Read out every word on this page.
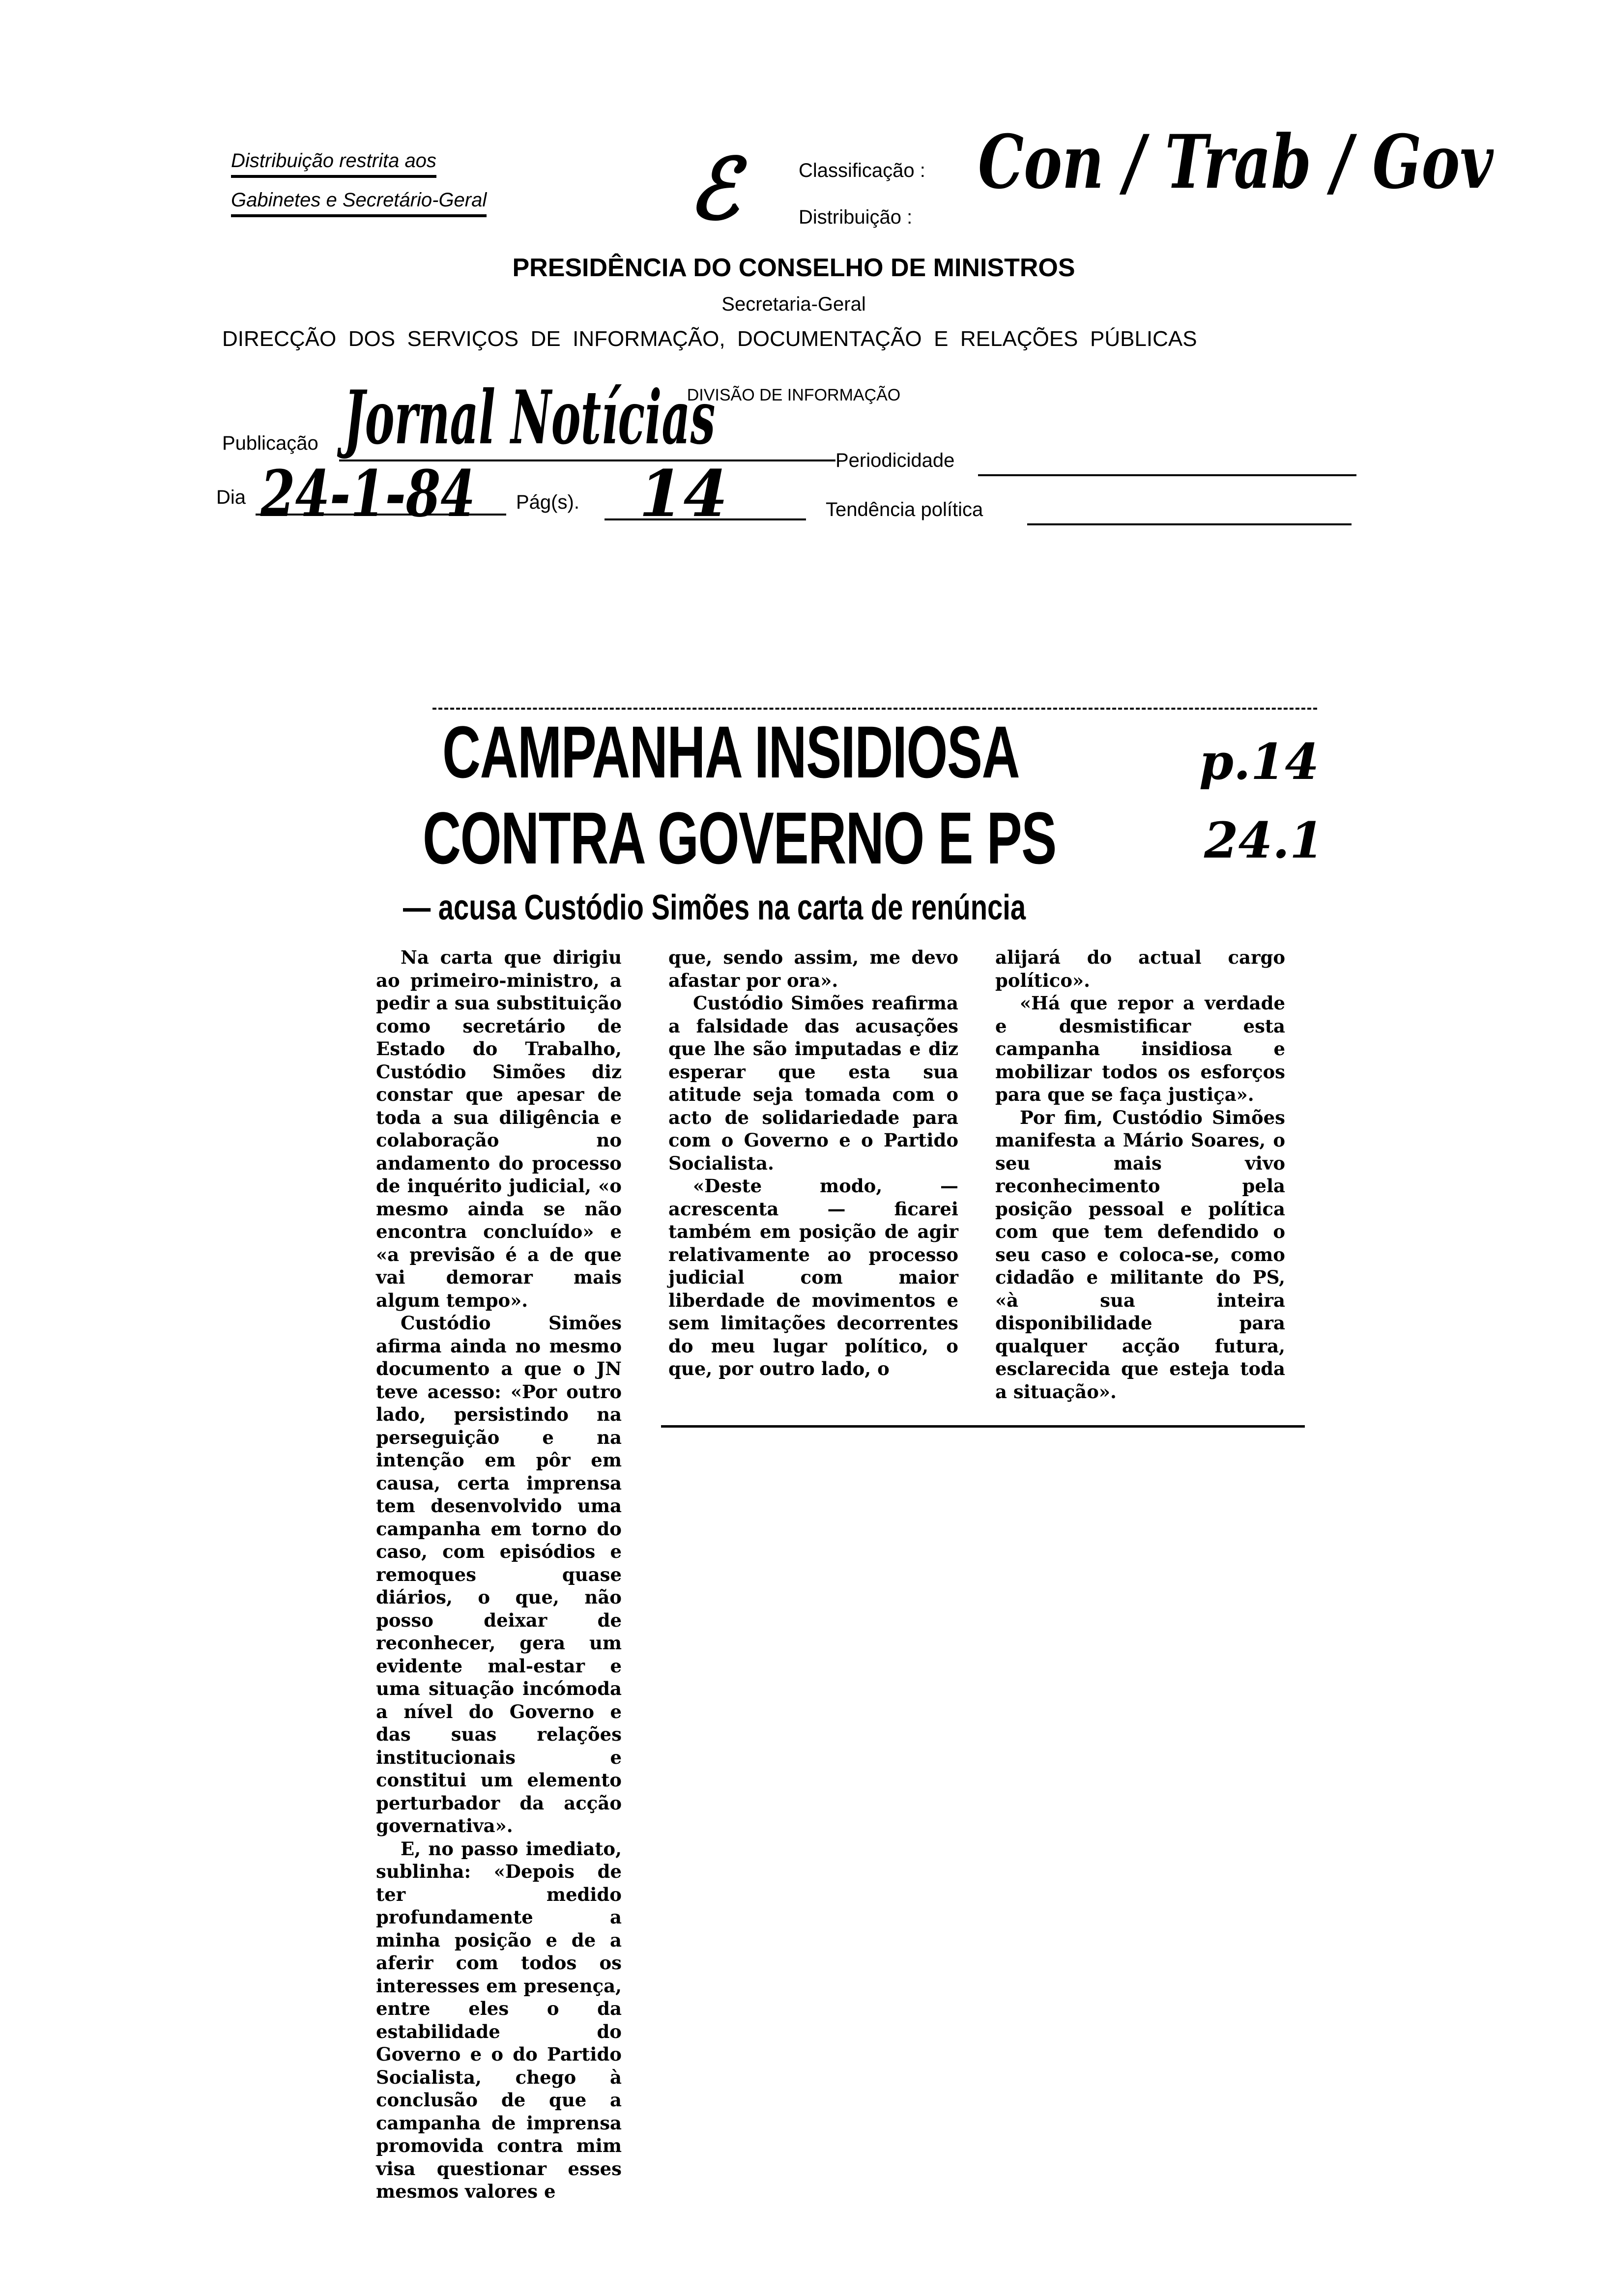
Distribuição restrita aos
Gabinetes e Secretário-Geral ℰ	Classificação : Con / Trab / Gov
Distribuição :
PRESIDÊNCIA DO CONSELHO DE MINISTROS
Secretaria-Geral
DIRECÇÃO  DOS  SERVIÇOS  DE  INFORMAÇÃO,  DOCUMENTAÇÃO  E  RELAÇÕES  PÚBLICAS
DIVISÃO DE INFORMAÇÃO
Publicação Jornal Notícias	Periodicidade
Dia 24-1-84 Pág(s). 14	Tendência política
CAMPANHA INSIDIOSA
CONTRA GOVERNO E PS
p.14
24.1
— acusa Custódio Simões na carta de renúncia

Na carta que dirigiu ao primeiro-ministro, a pedir a sua substituição como secretário de Estado do Trabalho, Custódio Simões diz constar que apesar de toda a sua diligência e colaboração no andamento do processo de inquérito judicial, «o mesmo ainda se não encontra concluído» e «a previsão é a de que vai demorar mais algum tempo».

Custódio Simões afirma ainda no mesmo documento a que o JN teve acesso: «Por outro lado, persistindo na perseguição e na intenção em pôr em causa, certa imprensa tem desenvolvido uma campanha em torno do caso, com episódios e remoques quase diários, o que, não posso deixar de reconhecer, gera um evidente mal-estar e uma situação incómoda a nível do Governo e das suas relações institucionais e constitui um elemento perturbador da acção governativa».

E, no passo imediato, sublinha: «Depois de ter medido profundamente a minha posição e de a aferir com todos os interesses em presença, entre eles o da estabilidade do Governo e o do Partido Socialista, chego à conclusão de que a campanha de imprensa promovida contra mim visa questionar esses mesmos valores e

que, sendo assim, me devo afastar por ora».

Custódio Simões reafirma a falsidade das acusações que lhe são imputadas e diz esperar que esta sua atitude seja tomada com o acto de solidariedade para com o Governo e o Partido Socialista.

«Deste modo, — acrescenta — ficarei também em posição de agir relativamente ao processo judicial com maior liberdade de movimentos e sem limitações decorrentes do meu lugar político, o que, por outro lado, o

alijará do actual cargo político».

«Há que repor a verdade e desmistificar esta campanha insidiosa e mobilizar todos os esforços para que se faça justiça».

Por fim, Custódio Simões manifesta a Mário Soares, o seu mais vivo reconhecimento pela posição pessoal e política com que tem defendido o seu caso e coloca-se, como cidadão e militante do PS, «à sua inteira disponibilidade para qualquer acção futura, esclarecida que esteja toda a situação».
